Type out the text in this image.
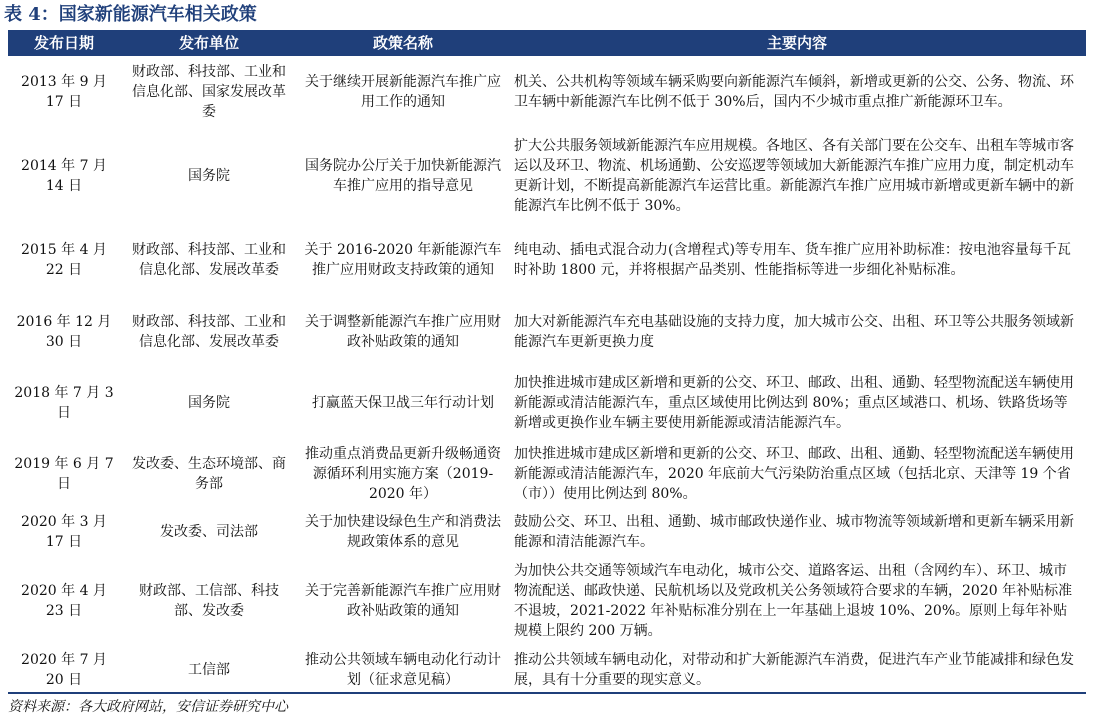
表 4：国家新能源汽车相关政策
发布日期	发布单位	政策名称	主要内容
2013 年 9 月 17 日	财政部、科技部、工业和信息化部、国家发展改革委	关于继续开展新能源汽车推广应用工作的通知	机关、公共机构等领域车辆采购要向新能源汽车倾斜，新增或更新的公交、公务、物流、环卫车辆中新能源汽车比例不低于 30%后，国内不少城市重点推广新能源环卫车。
2014 年 7 月 14 日	国务院	国务院办公厅关于加快新能源汽车推广应用的指导意见	扩大公共服务领域新能源汽车应用规模。各地区、各有关部门要在公交车、出租车等城市客运以及环卫、物流、机场通勤、公安巡逻等领域加大新能源汽车推广应用力度，制定机动车更新计划，不断提高新能源汽车运营比重。新能源汽车推广应用城市新增或更新车辆中的新能源汽车比例不低于 30%。
2015 年 4 月 22 日	财政部、科技部、工业和信息化部、发展改革委	关于 2016-2020 年新能源汽车推广应用财政支持政策的通知	纯电动、插电式混合动力(含增程式)等专用车、货车推广应用补助标准：按电池容量每千瓦时补助 1800 元，并将根据产品类别、性能指标等进一步细化补贴标准。
2016 年 12 月 30 日	财政部、科技部、工业和信息化部、发展改革委	关于调整新能源汽车推广应用财政补贴政策的通知	加大对新能源汽车充电基础设施的支持力度，加大城市公交、出租、环卫等公共服务领域新能源汽车更新更换力度
2018 年 7 月 3 日	国务院	打赢蓝天保卫战三年行动计划	加快推进城市建成区新增和更新的公交、环卫、邮政、出租、通勤、轻型物流配送车辆使用新能源或清洁能源汽车，重点区域使用比例达到 80%；重点区域港口、机场、铁路货场等新增或更换作业车辆主要使用新能源或清洁能源汽车。
2019 年 6 月 7 日	发改委、生态环境部、商务部	推动重点消费品更新升级畅通资源循环利用实施方案（2019-2020 年）	加快推进城市建成区新增和更新的公交、环卫、邮政、出租、通勤、轻型物流配送车辆使用新能源或清洁能源汽车，2020 年底前大气污染防治重点区域（包括北京、天津等 19 个省（市））使用比例达到 80%。
2020 年 3 月 17 日	发改委、司法部	关于加快建设绿色生产和消费法规政策体系的意见	鼓励公交、环卫、出租、通勤、城市邮政快递作业、城市物流等领域新增和更新车辆采用新能源和清洁能源汽车。
2020 年 4 月 23 日	财政部、工信部、科技部、发改委	关于完善新能源汽车推广应用财政补贴政策的通知	为加快公共交通等领域汽车电动化，城市公交、道路客运、出租（含网约车）、环卫、城市物流配送、邮政快递、民航机场以及党政机关公务领域符合要求的车辆，2020 年补贴标准不退坡，2021-2022 年补贴标准分别在上一年基础上退坡 10%、20%。原则上每年补贴规模上限约 200 万辆。
2020 年 7 月 20 日	工信部	推动公共领域车辆电动化行动计划（征求意见稿）	推动公共领域车辆电动化，对带动和扩大新能源汽车消费，促进汽车产业节能减排和绿色发展，具有十分重要的现实意义。
资料来源：各大政府网站，安信证券研究中心
